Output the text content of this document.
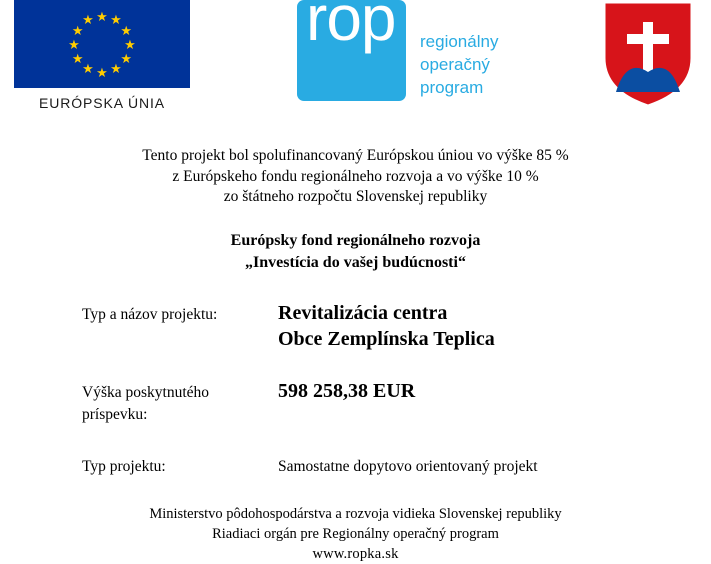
★ ★
★
★
★
★
★
★
★
★
★
★
EURÓPSKA ÚNIA
rop regionálny
operačný
program
Tento projekt bol spolufinancovaný Európskou úniou vo výške 85 %
z Európskeho fondu regionálneho rozvoja a vo výške 10 %
zo štátneho rozpočtu Slovenskej republiky
Európsky fond regionálneho rozvoja
„Investícia do vašej budúcnosti“
Typ a názov projektu:	Revitalizácia centra
Obce Zemplínska Teplica
Výška poskytnutého príspevku:
598 258,38 EUR
Typ projektu:	Samostatne dopytovo orientovaný projekt
Ministerstvo pôdohospodárstva a rozvoja vidieka Slovenskej republiky
Riadiaci orgán pre Regionálny operačný program
www.ropka.sk
